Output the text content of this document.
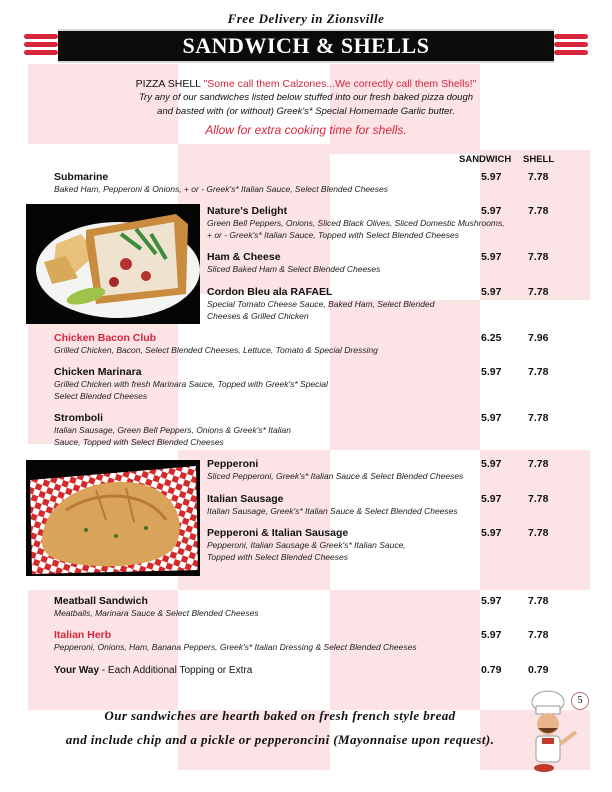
Free Delivery in Zionsville
SANDWICH & SHELLS
PIZZA SHELL "Some call them Calzones...We correctly call them Shells!"
Try any of our sandwiches listed below stuffed into our fresh baked pizza dough
and basted with (or without) Greek's* Special Homemade Garlic butter.
Allow for extra cooking time for shells.
SANDWICH SHELL
Submarine
Baked Ham, Pepperoni & Onions, + or - Greek's* Italian Sauce, Select Blended Cheeses
5.97	7.78
Nature's Delight
Green Bell Peppers, Onions, Sliced Black Olives, Sliced Domestic Mushrooms,
+ or - Greek's* Italian Sauce, Topped with Select Blended Cheeses
5.97	7.78
Ham & Cheese
Sliced Baked Ham & Select Blended Cheeses
5.97	7.78
Cordon Bleu ala RAFAEL
Special Tomato Cheese Sauce, Baked Ham, Select Blended
Cheeses & Grilled Chicken
5.97	7.78
Chicken Bacon Club
Grilled Chicken, Bacon, Select Blended Cheeses, Lettuce, Tomato & Special Dressing
6.25	7.96
Chicken Marinara
Grilled Chicken with fresh Marinara Sauce, Topped with Greek's* Special
Select Blended Cheeses
5.97	7.78
Stromboli
Italian Sausage, Green Bell Peppers, Onions & Greek's* Italian
Sauce, Topped with Select Blended Cheeses
5.97	7.78
Pepperoni
Sliced Pepperoni, Greek's* Italian Sauce & Select Blended Cheeses
5.97	7.78
Italian Sausage
Italian Sausage, Greek's* Italian Sauce & Select Blended Cheeses
5.97	7.78
Pepperoni & Italian Sausage
Pepperoni, Italian Sausage & Greek's* Italian Sauce,
Topped with Select Blended Cheeses
5.97	7.78
Meatball Sandwich
Meatballs, Marinara Sauce & Select Blended Cheeses
5.97	7.78
Italian Herb
Pepperoni, Onions, Ham, Banana Peppers, Greek's* Italian Dressing & Select Blended Cheeses
5.97	7.78
Your Way - Each Additional Topping or Extra	0.79	0.79
Our sandwiches are hearth baked on fresh french style bread
and include chip and a pickle or pepperoncini (Mayonnaise upon request).
5
